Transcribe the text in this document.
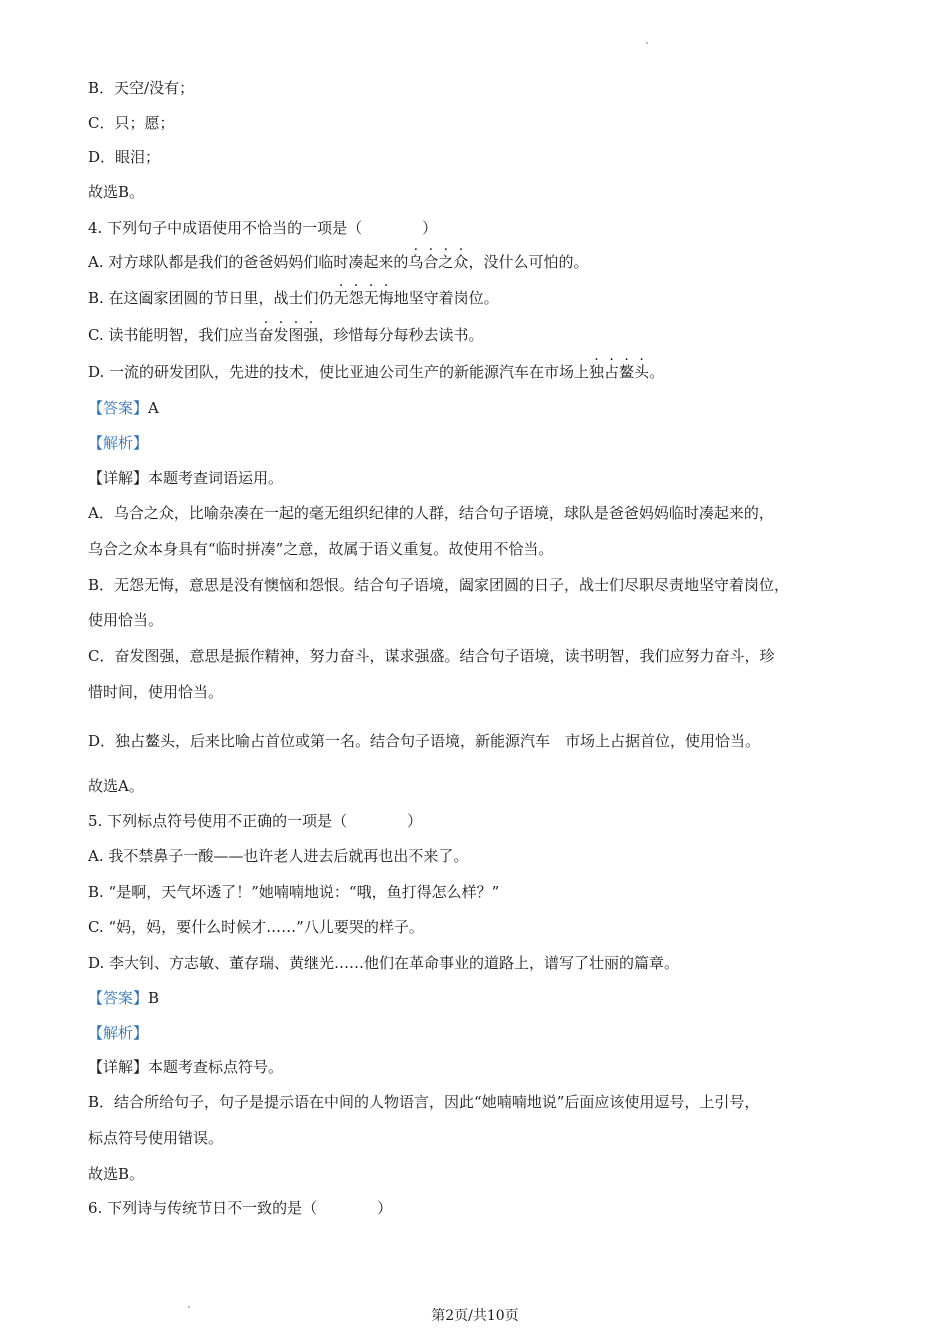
B．天空/没有；
C．只；愿；
D．眼泪；
故选B。
4. 下列句子中成语使用不恰当的一项是（　　　　）
A. 对方球队都是我们的爸爸妈妈们临时凑起来的乌合之众，没什么可怕的。
B. 在这阖家团圆的节日里，战士们仍无怨无悔地坚守着岗位。
C. 读书能明智，我们应当奋发图强，珍惜每分每秒去读书。
D. 一流的研发团队，先进的技术，使比亚迪公司生产的新能源汽车在市场上独占鳌头。
【答案】A
【解析】
【详解】本题考查词语运用。
A．乌合之众，比喻杂凑在一起的毫无组织纪律的人群，结合句子语境，球队是爸爸妈妈临时凑起来的，
乌合之众本身具有“临时拼凑”之意，故属于语义重复。故使用不恰当。
B．无怨无悔，意思是没有懊恼和怨恨。结合句子语境，阖家团圆的日子，战士们尽职尽责地坚守着岗位，
使用恰当。
C．奋发图强，意思是振作精神，努力奋斗，谋求强盛。结合句子语境，读书明智，我们应努力奋斗，珍
惜时间，使用恰当。
D．独占鳌头，后来比喻占首位或第一名。结合句子语境，新能源汽车　市场上占据首位，使用恰当。
故选A。
5. 下列标点符号使用不正确的一项是（　　　　）
A. 我不禁鼻子一酸——也许老人进去后就再也出不来了。
B. “是啊，天气坏透了！”她喃喃地说：“哦，鱼打得怎么样？”
C. “妈，妈，要什么时候才……”八儿要哭的样子。
D. 李大钊、方志敏、董存瑞、黄继光……他们在革命事业的道路上，谱写了壮丽的篇章。
【答案】B
【解析】
【详解】本题考查标点符号。
B．结合所给句子，句子是提示语在中间的人物语言，因此“她喃喃地说”后面应该使用逗号，上引号，
标点符号使用错误。
故选B。
6. 下列诗与传统节日不一致的是（　　　　）
第2页/共10页
